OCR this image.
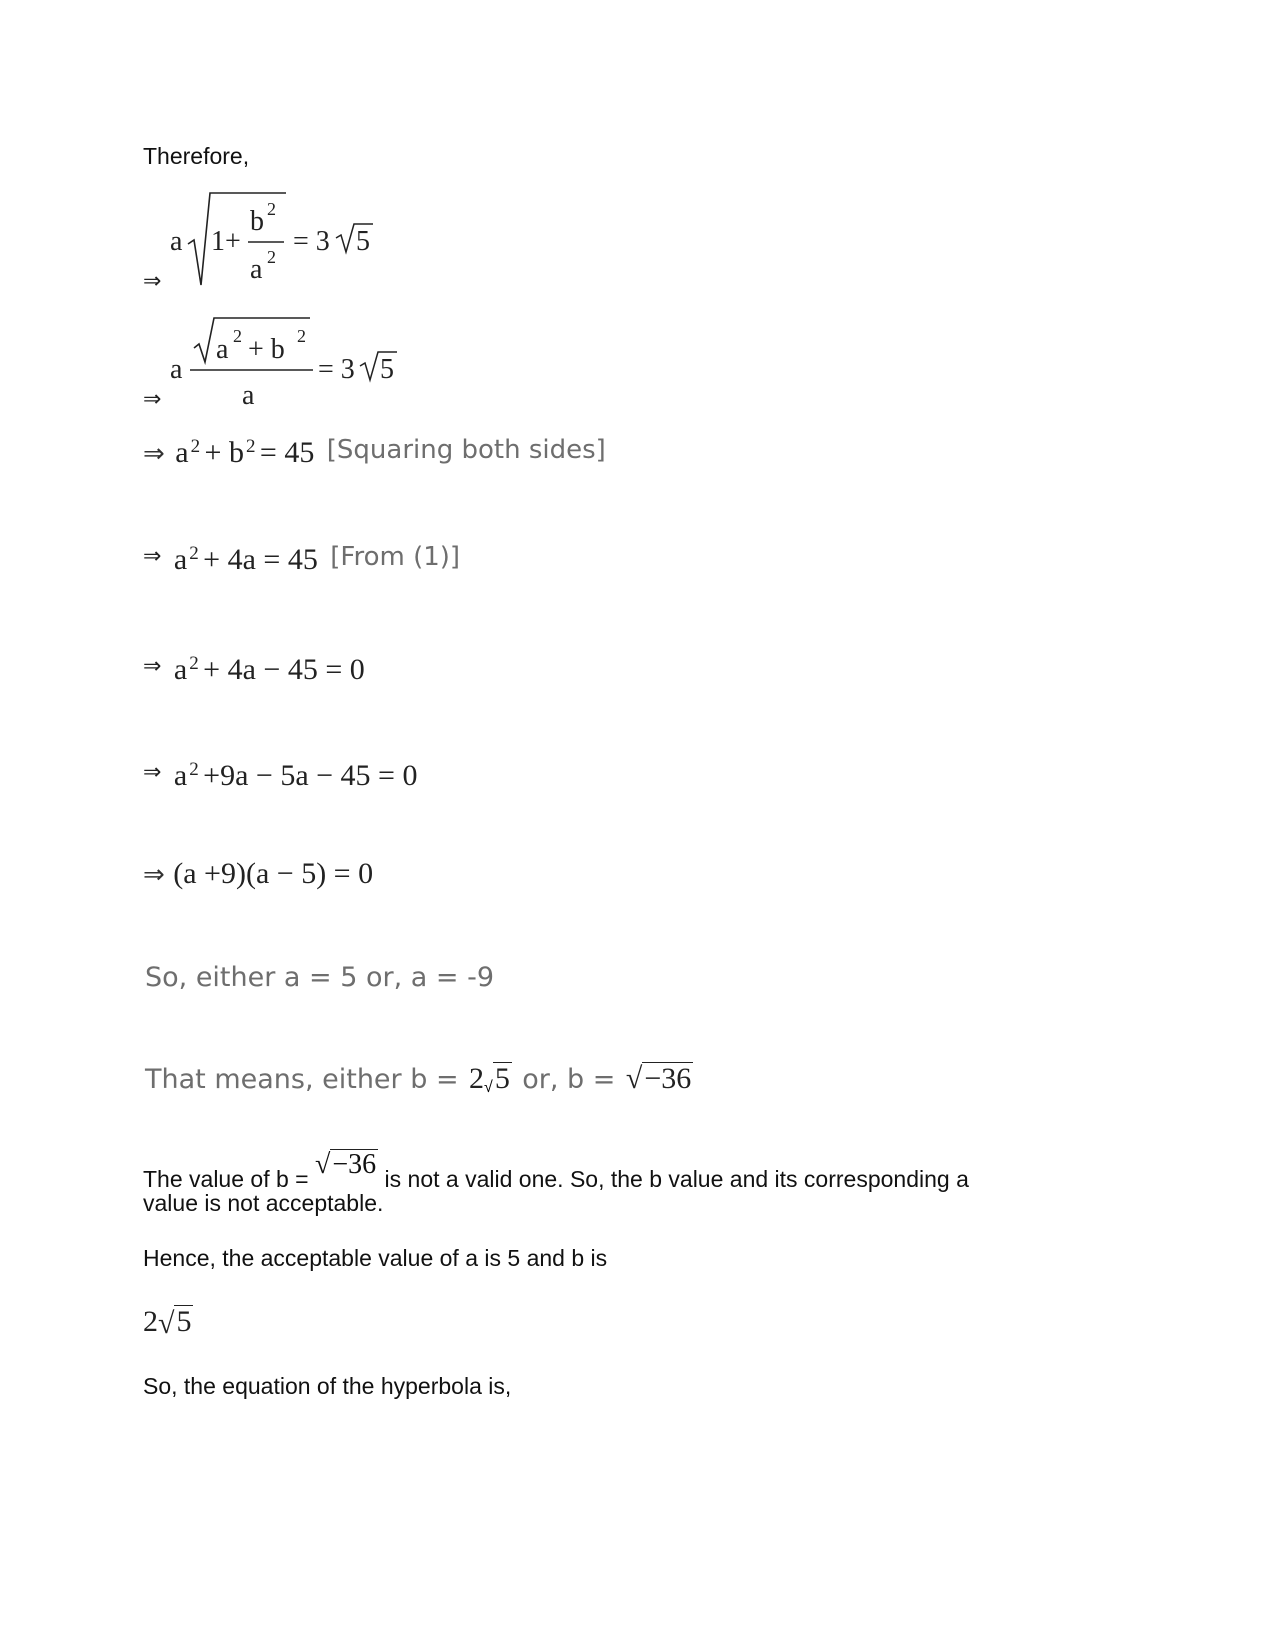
Therefore,
⇒
a 1+
b 2
a 2 = 3 5
⇒
a
a 2 + b 2
a
= 3 5
⇒ a $^2$ + b $^2$ = 45 [Squaring both sides]
⇒ a $^2$ + 4a = 45 [From (1)]
⇒ a $^2$ + 4a − 45 = 0
⇒ a $^2$ +9a − 5a − 45 = 0
⇒ (a +9)(a − 5) = 0
So, either a = 5 or, a = -9
That means, either b = 2√5 or, b = √−36
The value of b = √−36 is not a valid one. So, the b value and its corresponding a
value is not acceptable.
Hence, the acceptable value of a is 5 and b is
2√5
So, the equation of the hyperbola is,
